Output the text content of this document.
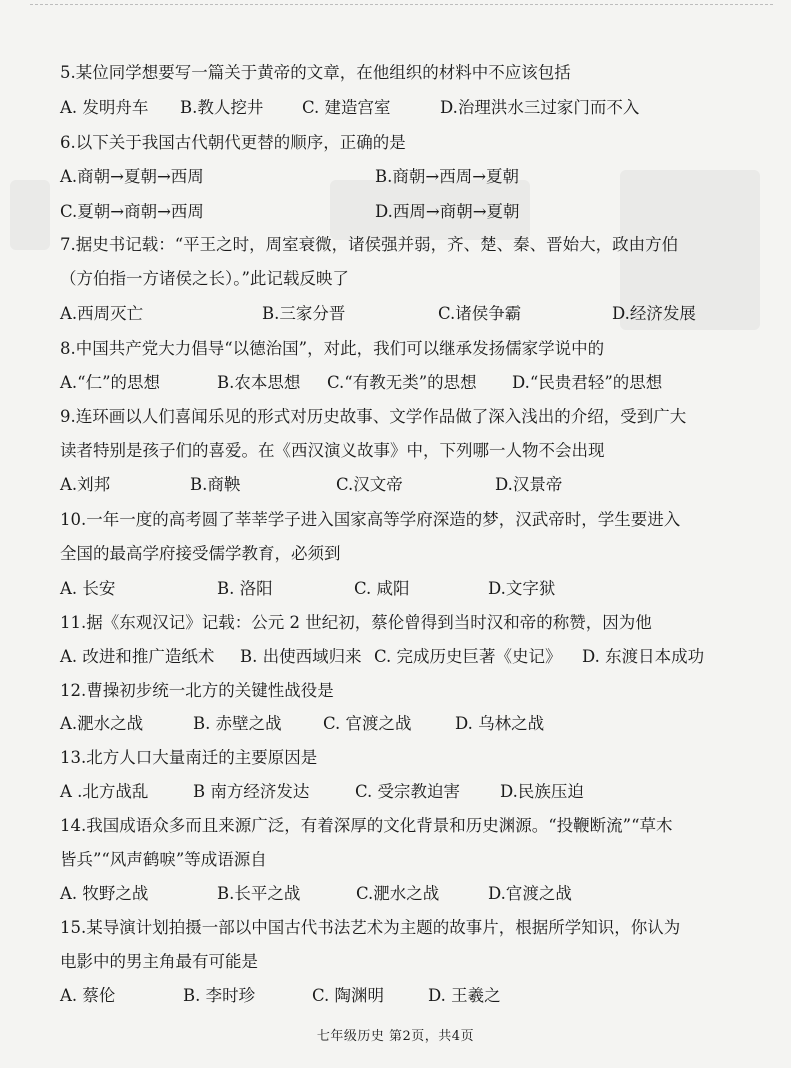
5.某位同学想要写一篇关于黄帝的文章，在他组织的材料中不应该包括
A. 发明舟车 B.教人挖井 C. 建造宫室	D.治理洪水三过家门而不入
6.以下关于我国古代朝代更替的顺序，正确的是
A.商朝→夏朝→西周	B.商朝→西周→夏朝
C.夏朝→商朝→西周	D.西周→商朝→夏朝
7.据史书记载：“平王之时，周室衰微，诸侯强并弱，齐、楚、秦、晋始大，政由方伯
（方伯指一方诸侯之长）。”此记载反映了
A.西周灭亡	B.三家分晋	C.诸侯争霸	D.经济发展
8.中国共产党大力倡导“以德治国”，对此，我们可以继承发扬儒家学说中的
A.“仁”的思想	B.农本思想 C.“有教无类”的思想 D.“民贵君轻”的思想
9.连环画以人们喜闻乐见的形式对历史故事、文学作品做了深入浅出的介绍，受到广大
读者特别是孩子们的喜爱。在《西汉演义故事》中，下列哪一人物不会出现
A.刘邦	B.商鞅	C.汉文帝	D.汉景帝
10.一年一度的高考圆了莘莘学子进入国家高等学府深造的梦，汉武帝时，学生要进入
全国的最高学府接受儒学教育，必须到
A. 长安	B. 洛阳	C. 咸阳	D.文字狱
11.据《东观汉记》记载：公元 2 世纪初，蔡伦曾得到当时汉和帝的称赞，因为他
A. 改进和推广造纸术 B. 出使西域归来 C. 完成历史巨著《史记》 D. 东渡日本成功
12.曹操初步统一北方的关键性战役是
A.淝水之战	B. 赤壁之战	C. 官渡之战	D. 乌林之战
13.北方人口大量南迁的主要原因是
A .北方战乱	B 南方经济发达	C. 受宗教迫害 D.民族压迫
14.我国成语众多而且来源广泛，有着深厚的文化背景和历史渊源。“投鞭断流”“草木
皆兵”“风声鹤唳”等成语源自
A. 牧野之战	B.长平之战	C.淝水之战	D.官渡之战
15.某导演计划拍摄一部以中国古代书法艺术为主题的故事片，根据所学知识，你认为
电影中的男主角最有可能是
A. 蔡伦	B. 李时珍	C. 陶渊明	D. 王羲之
七年级历史 第2页，共4页
